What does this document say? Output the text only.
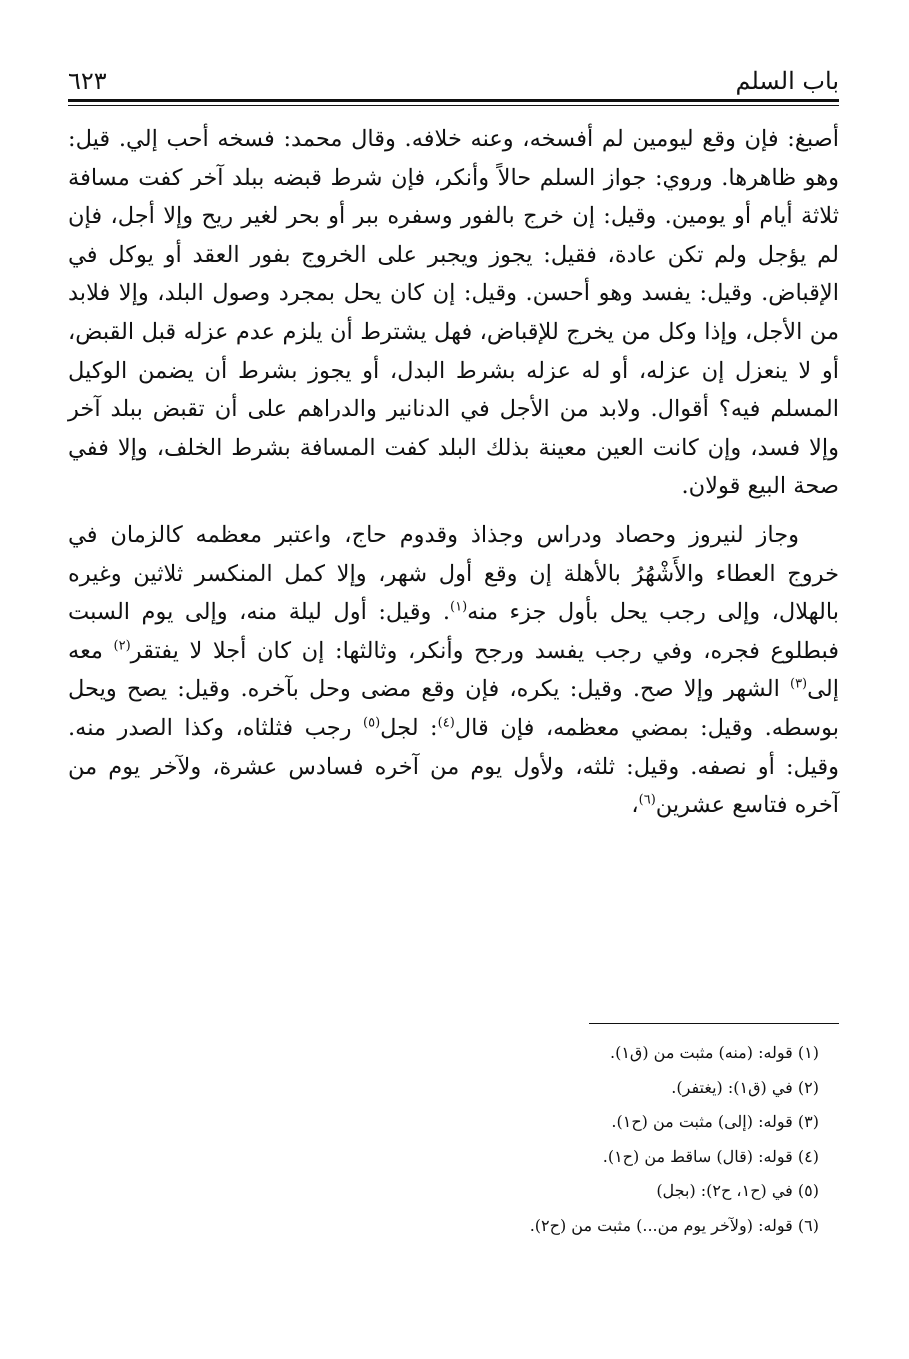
باب السلم
٦٢٣

أصبغ: فإن وقع ليومين لم أفسخه، وعنه خلافه. وقال محمد: فسخه أحب إلي. قيل: وهو ظاهرها. وروي: جواز السلم حالاً وأنكر، فإن شرط قبضه ببلد آخر كفت مسافة ثلاثة أيام أو يومين. وقيل: إن خرج بالفور وسفره ببر أو بحر لغير ريح وإلا أجل، فإن لم يؤجل ولم تكن عادة، فقيل: يجوز ويجبر على الخروج بفور العقد أو يوكل في الإقباض. وقيل: يفسد وهو أحسن. وقيل: إن كان يحل بمجرد وصول البلد، وإلا فلابد من الأجل، وإذا وكل من يخرج للإقباض، فهل يشترط أن يلزم عدم عزله قبل القبض، أو لا ينعزل إن عزله، أو له عزله بشرط البدل، أو يجوز بشرط أن يضمن الوكيل المسلم فيه؟ أقوال. ولابد من الأجل في الدنانير والدراهم على أن تقبض ببلد آخر وإلا فسد، وإن كانت العين معينة بذلك البلد كفت المسافة بشرط الخلف، وإلا ففي صحة البيع قولان.

وجاز لنيروز وحصاد ودراس وجذاذ وقدوم حاج، واعتبر معظمه كالزمان في خروج العطاء والأَشْهُرُ بالأهلة إن وقع أول شهر، وإلا كمل المنكسر ثلاثين وغيره بالهلال، وإلى رجب يحل بأول جزء منه$^{(١)}$. وقيل: أول ليلة منه، وإلى يوم السبت فبطلوع فجره، وفي رجب يفسد ورجح وأنكر، وثالثها: إن كان أجلا لا يفتقر$^{(٢)}$ معه إلى$^{(٣)}$ الشهر وإلا صح. وقيل: يكره، فإن وقع مضى وحل بآخره. وقيل: يصح ويحل بوسطه. وقيل: بمضي معظمه، فإن قال$^{(٤)}$: لجل$^{(٥)}$ رجب فثلثاه، وكذا الصدر منه. وقيل: أو نصفه. وقيل: ثلثه، ولأول يوم من آخره فسادس عشرة، ولآخر يوم من آخره فتاسع عشرين$^{(٦)}$،

(١) قوله: (منه) مثبت من (ق١).
(٢) في (ق١): (يغتفر).
(٣) قوله: (إلى) مثبت من (ح١).
(٤) قوله: (قال) ساقط من (ح١).
(٥) في (ح١، ح٢): (بجل)
(٦) قوله: (ولآخر يوم من...) مثبت من (ح٢).
